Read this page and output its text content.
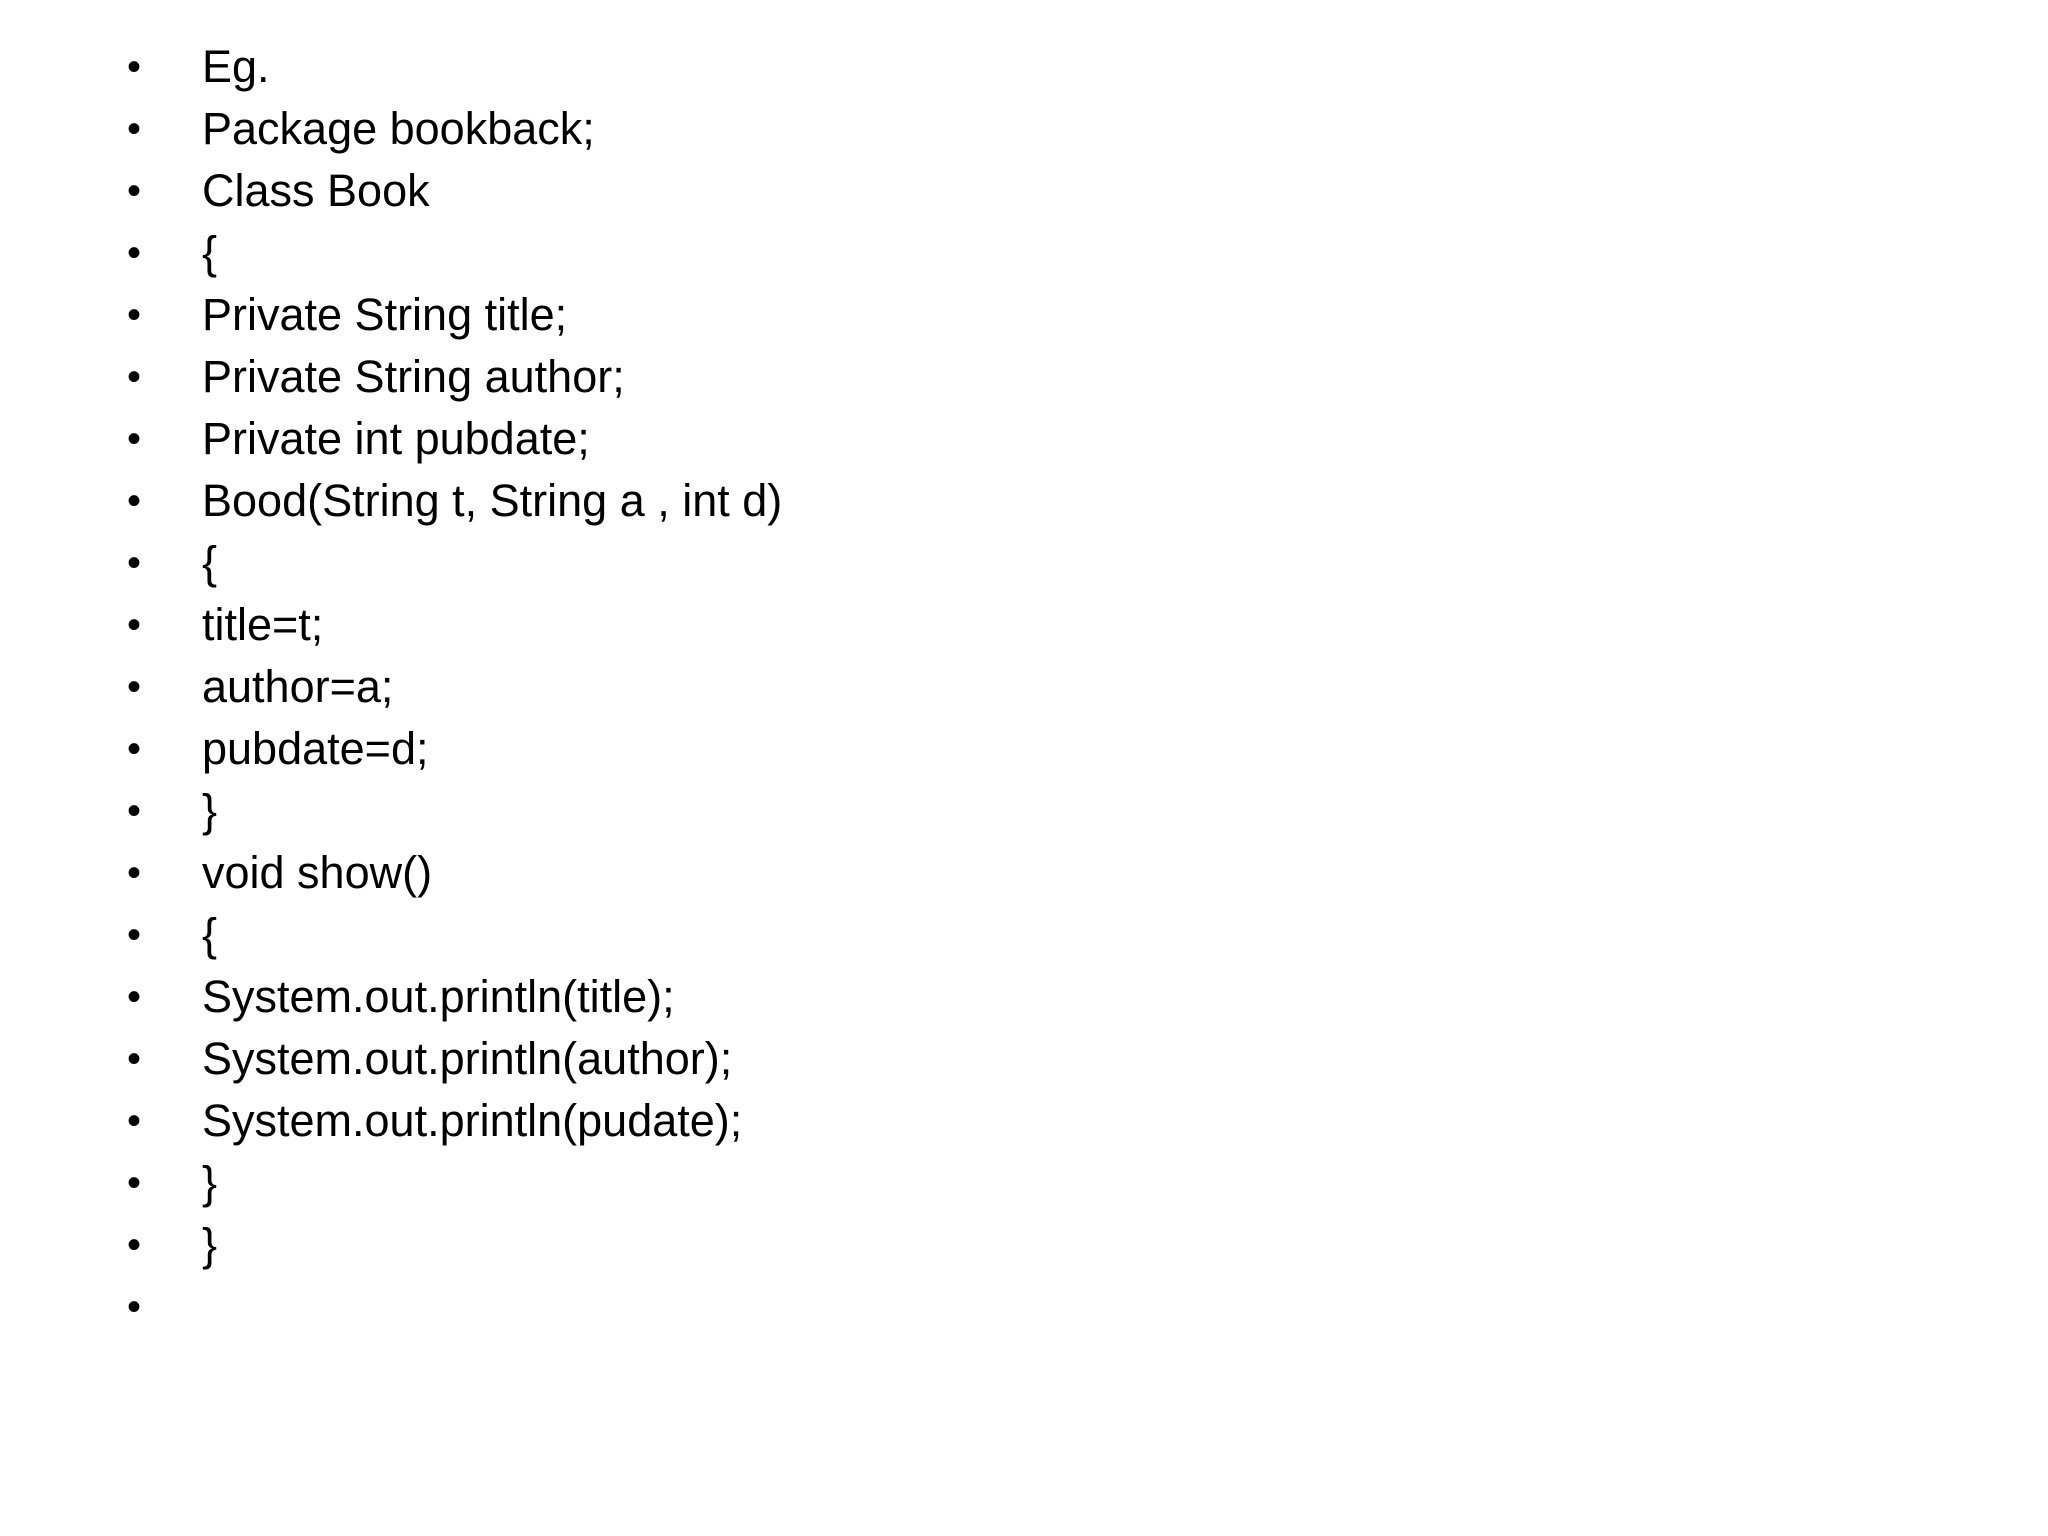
• Eg.
• Package bookback;
• Class Book
• {
• Private String title;
• Private String author;
• Private int pubdate;
• Bood(String t, String a , int d)
• {
• title=t;
• author=a;
• pubdate=d;
• }
• void show()
• {
• System.out.println(title);
• System.out.println(author);
• System.out.println(pudate);
• }
• }
•
